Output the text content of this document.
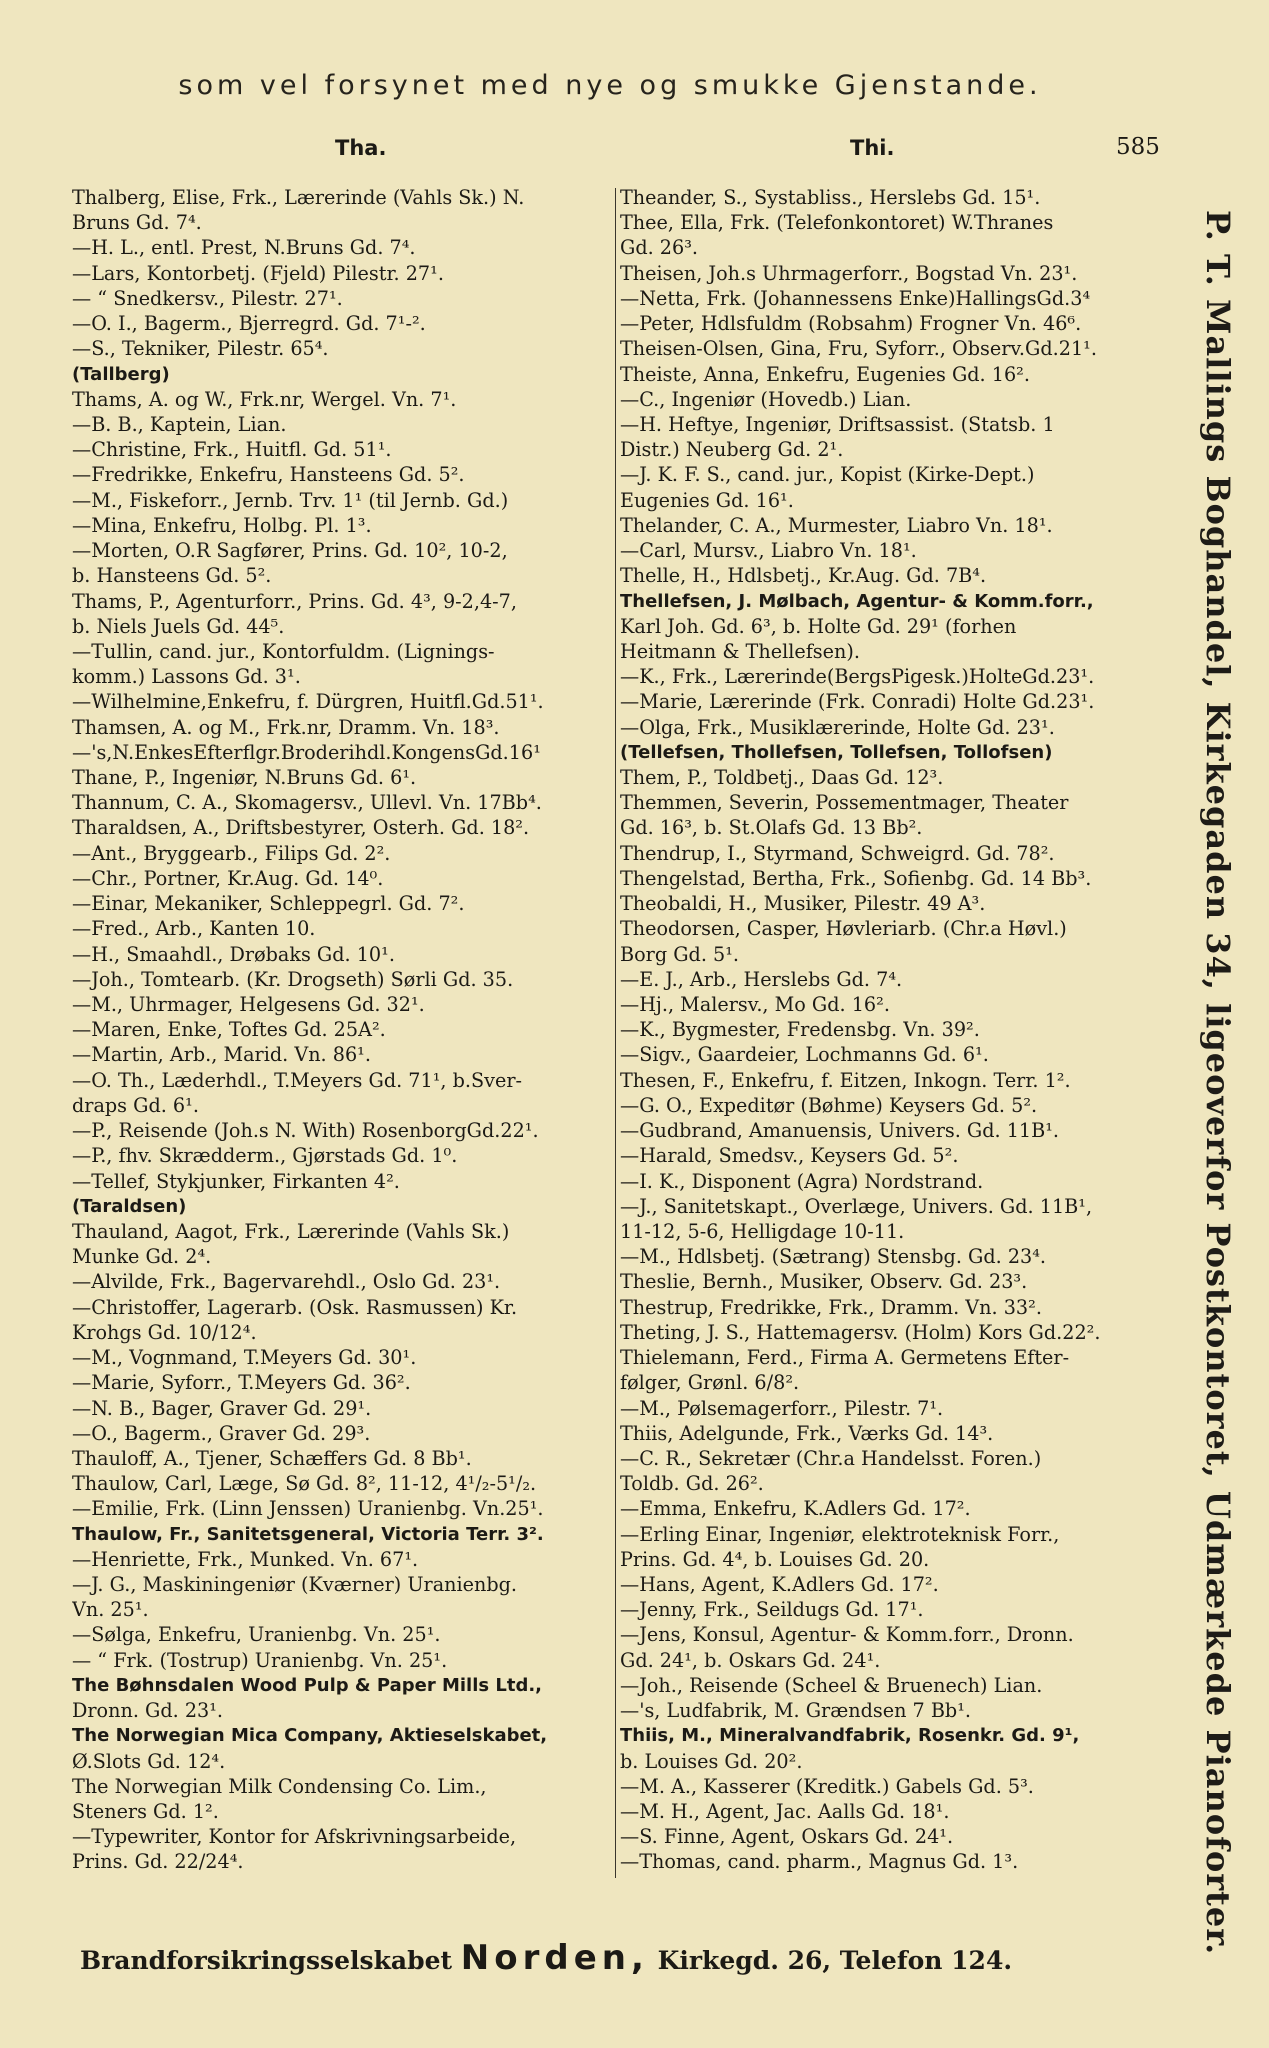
som vel forsynet med nye og smukke Gjenstande.
Tha.	Thi.	585
Thalberg, Elise, Frk., Lærerinde (Vahls Sk.) N.
Bruns Gd. 7⁴.
—H. L., entl. Prest, N.Bruns Gd. 7⁴.
—Lars, Kontorbetj. (Fjeld) Pilestr. 27¹.
— “ Snedkersv., Pilestr. 27¹.
—O. I., Bagerm., Bjerregrd. Gd. 7¹-².
—S., Tekniker, Pilestr. 65⁴.
(Tallberg)
Thams, A. og W., Frk.nr, Wergel. Vn. 7¹.
—B. B., Kaptein, Lian.
—Christine, Frk., Huitfl. Gd. 51¹.
—Fredrikke, Enkefru, Hansteens Gd. 5².
—M., Fiskeforr., Jernb. Trv. 1¹ (til Jernb. Gd.)
—Mina, Enkefru, Holbg. Pl. 1³.
—Morten, O.R Sagfører, Prins. Gd. 10², 10-2,
b. Hansteens Gd. 5².
Thams, P., Agenturforr., Prins. Gd. 4³, 9-2,4-7,
b. Niels Juels Gd. 44⁵.
—Tullin, cand. jur., Kontorfuldm. (Lignings-
komm.) Lassons Gd. 3¹.
—Wilhelmine,Enkefru, f. Dürgren, Huitfl.Gd.51¹.
Thamsen, A. og M., Frk.nr, Dramm. Vn. 18³.
—'s,N.EnkesEfterflgr.Broderihdl.KongensGd.16¹
Thane, P., Ingeniør, N.Bruns Gd. 6¹.
Thannum, C. A., Skomagersv., Ullevl. Vn. 17Bb⁴.
Tharaldsen, A., Driftsbestyrer, Osterh. Gd. 18².
—Ant., Bryggearb., Filips Gd. 2².
—Chr., Portner, Kr.Aug. Gd. 14⁰.
—Einar, Mekaniker, Schleppegrl. Gd. 7².
—Fred., Arb., Kanten 10.
—H., Smaahdl., Drøbaks Gd. 10¹.
—Joh., Tomtearb. (Kr. Drogseth) Sørli Gd. 35.
—M., Uhrmager, Helgesens Gd. 32¹.
—Maren, Enke, Toftes Gd. 25A².
—Martin, Arb., Marid. Vn. 86¹.
—O. Th., Læderhdl., T.Meyers Gd. 71¹, b.Sver-
draps Gd. 6¹.
—P., Reisende (Joh.s N. With) RosenborgGd.22¹.
—P., fhv. Skrædderm., Gjørstads Gd. 1⁰.
—Tellef, Stykjunker, Firkanten 4².
(Taraldsen)
Thauland, Aagot, Frk., Lærerinde (Vahls Sk.)
Munke Gd. 2⁴.
—Alvilde, Frk., Bagervarehdl., Oslo Gd. 23¹.
—Christoffer, Lagerarb. (Osk. Rasmussen) Kr.
Krohgs Gd. 10/12⁴.
—M., Vognmand, T.Meyers Gd. 30¹.
—Marie, Syforr., T.Meyers Gd. 36².
—N. B., Bager, Graver Gd. 29¹.
—O., Bagerm., Graver Gd. 29³.
Thauloff, A., Tjener, Schæffers Gd. 8 Bb¹.
Thaulow, Carl, Læge, Sø Gd. 8², 11-12, 4¹/₂-5¹/₂.
—Emilie, Frk. (Linn Jenssen) Uranienbg. Vn.25¹.
Thaulow, Fr., Sanitetsgeneral, Victoria Terr. 3².
—Henriette, Frk., Munked. Vn. 67¹.
—J. G., Maskiningeniør (Kværner) Uranienbg.
Vn. 25¹.
—Sølga, Enkefru, Uranienbg. Vn. 25¹.
— “ Frk. (Tostrup) Uranienbg. Vn. 25¹.
The Bøhnsdalen Wood Pulp & Paper Mills Ltd.,
Dronn. Gd. 23¹.
The Norwegian Mica Company, Aktieselskabet,
Ø.Slots Gd. 12⁴.
The Norwegian Milk Condensing Co. Lim.,
Steners Gd. 1².
—Typewriter, Kontor for Afskrivningsarbeide,
Prins. Gd. 22/24⁴.
Theander, S., Systabliss., Herslebs Gd. 15¹.
Thee, Ella, Frk. (Telefonkontoret) W.Thranes
Gd. 26³.
Theisen, Joh.s Uhrmagerforr., Bogstad Vn. 23¹.
—Netta, Frk. (Johannessens Enke)HallingsGd.3⁴
—Peter, Hdlsfuldm (Robsahm) Frogner Vn. 46⁶.
Theisen-Olsen, Gina, Fru, Syforr., Observ.Gd.21¹.
Theiste, Anna, Enkefru, Eugenies Gd. 16².
—C., Ingeniør (Hovedb.) Lian.
—H. Heftye, Ingeniør, Driftsassist. (Statsb. 1
Distr.) Neuberg Gd. 2¹.
—J. K. F. S., cand. jur., Kopist (Kirke-Dept.)
Eugenies Gd. 16¹.
Thelander, C. A., Murmester, Liabro Vn. 18¹.
—Carl, Mursv., Liabro Vn. 18¹.
Thelle, H., Hdlsbetj., Kr.Aug. Gd. 7B⁴.
Thellefsen, J. Mølbach, Agentur- & Komm.forr.,
Karl Joh. Gd. 6³, b. Holte Gd. 29¹ (forhen
Heitmann & Thellefsen).
—K., Frk., Lærerinde(BergsPigesk.)HolteGd.23¹.
—Marie, Lærerinde (Frk. Conradi) Holte Gd.23¹.
—Olga, Frk., Musiklærerinde, Holte Gd. 23¹.
(Tellefsen, Thollefsen, Tollefsen, Tollofsen)
Them, P., Toldbetj., Daas Gd. 12³.
Themmen, Severin, Possementmager, Theater
Gd. 16³, b. St.Olafs Gd. 13 Bb².
Thendrup, I., Styrmand, Schweigrd. Gd. 78².
Thengelstad, Bertha, Frk., Sofienbg. Gd. 14 Bb³.
Theobaldi, H., Musiker, Pilestr. 49 A³.
Theodorsen, Casper, Høvleriarb. (Chr.a Høvl.)
Borg Gd. 5¹.
—E. J., Arb., Herslebs Gd. 7⁴.
—Hj., Malersv., Mo Gd. 16².
—K., Bygmester, Fredensbg. Vn. 39².
—Sigv., Gaardeier, Lochmanns Gd. 6¹.
Thesen, F., Enkefru, f. Eitzen, Inkogn. Terr. 1².
—G. O., Expeditør (Bøhme) Keysers Gd. 5².
—Gudbrand, Amanuensis, Univers. Gd. 11B¹.
—Harald, Smedsv., Keysers Gd. 5².
—I. K., Disponent (Agra) Nordstrand.
—J., Sanitetskapt., Overlæge, Univers. Gd. 11B¹,
11-12, 5-6, Helligdage 10-11.
—M., Hdlsbetj. (Sætrang) Stensbg. Gd. 23⁴.
Theslie, Bernh., Musiker, Observ. Gd. 23³.
Thestrup, Fredrikke, Frk., Dramm. Vn. 33².
Theting, J. S., Hattemagersv. (Holm) Kors Gd.22².
Thielemann, Ferd., Firma A. Germetens Efter-
følger, Grønl. 6/8².
—M., Pølsemagerforr., Pilestr. 7¹.
Thiis, Adelgunde, Frk., Værks Gd. 14³.
—C. R., Sekretær (Chr.a Handelsst. Foren.)
Toldb. Gd. 26².
—Emma, Enkefru, K.Adlers Gd. 17².
—Erling Einar, Ingeniør, elektroteknisk Forr.,
Prins. Gd. 4⁴, b. Louises Gd. 20.
—Hans, Agent, K.Adlers Gd. 17².
—Jenny, Frk., Seildugs Gd. 17¹.
—Jens, Konsul, Agentur- & Komm.forr., Dronn.
Gd. 24¹, b. Oskars Gd. 24¹.
—Joh., Reisende (Scheel & Bruenech) Lian.
—'s, Ludfabrik, M. Grændsen 7 Bb¹.
Thiis, M., Mineralvandfabrik, Rosenkr. Gd. 9¹,
b. Louises Gd. 20².
—M. A., Kasserer (Kreditk.) Gabels Gd. 5³.
—M. H., Agent, Jac. Aalls Gd. 18¹.
—S. Finne, Agent, Oskars Gd. 24¹.
—Thomas, cand. pharm., Magnus Gd. 1³.	P. T. Mallings Boghandel, Kirkegaden 34, ligeoverfor Postkontoret, Udmærkede Pianoforter.
Brandforsikringsselskabet Norden, Kirkegd. 26, Telefon 124.
